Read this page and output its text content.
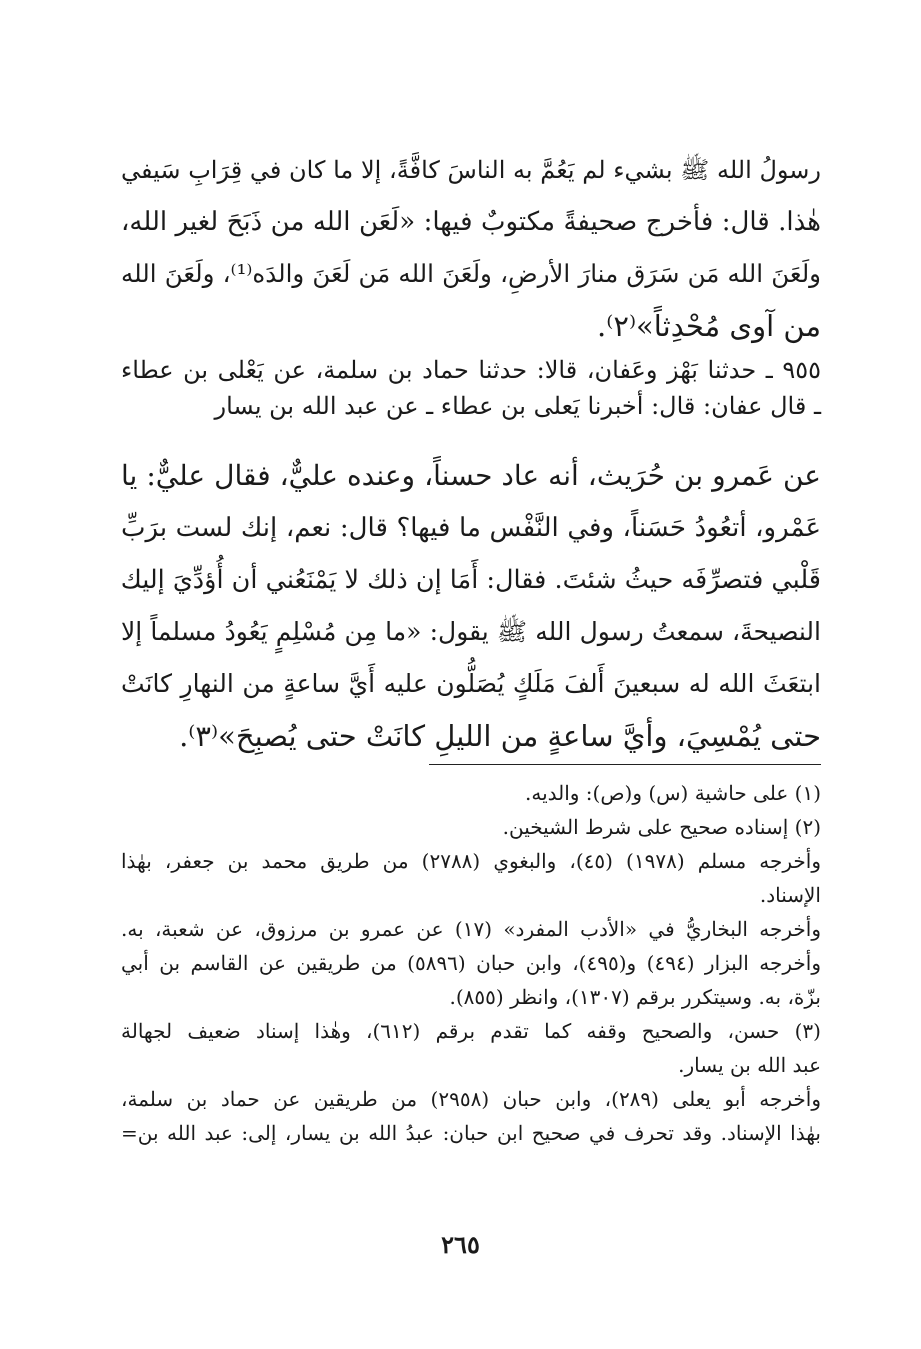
رسولُ الله ﷺ بشيء لم يَعُمَّ به الناسَ كافَّةً، إلا ما كان في قِرَابِ سَيفي
هٰذا. قال: فأخرج صحيفةً مكتوبٌ فيها: «لَعَن الله من ذَبَحَ لغير الله،
ولَعَنَ الله مَن سَرَق منارَ الأرضِ، ولَعَنَ الله مَن لَعَنَ والدَه⁽¹⁾، ولَعَنَ الله
من آوى مُحْدِثاً»⁽٢⁾.
٩٥٥ ـ حدثنا بَهْز وعَفان، قالا: حدثنا حماد بن سلمة، عن يَعْلى بن عطاء
ـ قال عفان: قال: أخبرنا يَعلى بن عطاء ـ عن عبد الله بن يسار
عن عَمرو بن حُرَيث، أنه عاد حسناً، وعنده عليٌّ، فقال عليٌّ: يا
عَمْرو، أتعُودُ حَسَناً، وفي النَّفْس ما فيها؟ قال: نعم، إنك لست برَبِّ
قَلْبي فتصرِّفَه حيثُ شئتَ. فقال: أَمَا إن ذلك لا يَمْنَعُني أن أُؤدِّيَ إليك
النصيحةَ، سمعتُ رسول الله ﷺ يقول: «ما مِن مُسْلِمٍ يَعُودُ مسلماً إلا
ابتعَثَ الله له سبعينَ أَلفَ مَلَكٍ يُصَلُّون عليه أَيَّ ساعةٍ من النهارِ كانَتْ
حتى يُمْسِيَ، وأيَّ ساعةٍ من الليلِ كانَتْ حتى يُصبِحَ»⁽٣⁾.
(١) على حاشية (س) و(ص): والديه.
(٢) إسناده صحيح على شرط الشيخين.
وأخرجه مسلم (١٩٧٨) (٤٥)، والبغوي (٢٧٨٨) من طريق محمد بن جعفر، بهٰذا
الإسناد.
وأخرجه البخاريُّ في «الأدب المفرد» (١٧) عن عمرو بن مرزوق، عن شعبة، به.
وأخرجه البزار (٤٩٤) و(٤٩٥)، وابن حبان (٥٨٩٦) من طريقين عن القاسم بن أبي
بزّة، به. وسيتكرر برقم (١٣٠٧)، وانظر (٨٥٥).
(٣) حسن، والصحيح وقفه كما تقدم برقم (٦١٢)، وهٰذا إسناد ضعيف لجهالة
عبد الله بن يسار.
وأخرجه أبو يعلى (٢٨٩)، وابن حبان (٢٩٥٨) من طريقين عن حماد بن سلمة،
بهٰذا الإسناد. وقد تحرف في صحيح ابن حبان: عبدُ الله بن يسار، إلى: عبد الله بن=
٢٦٥
